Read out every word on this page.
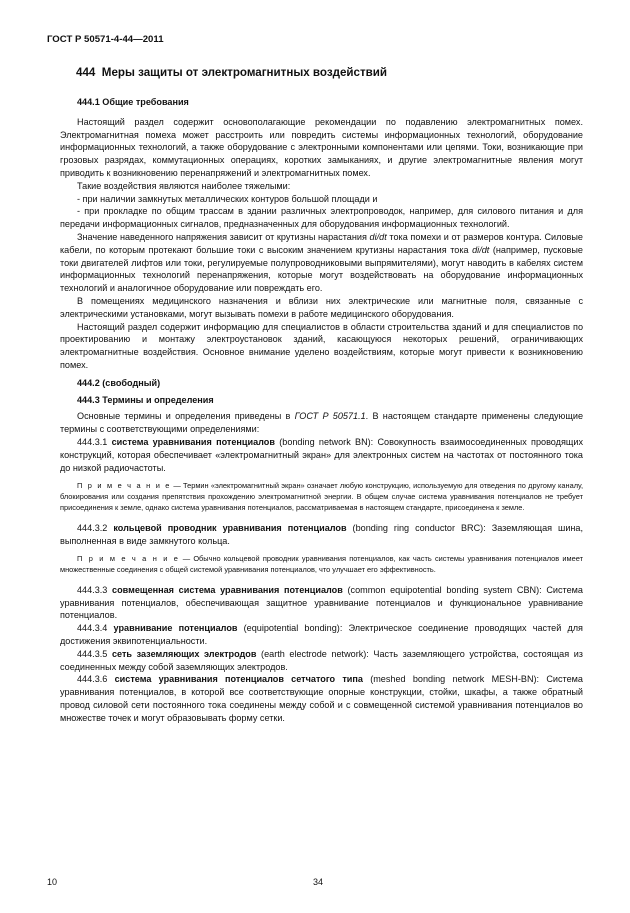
ГОСТ Р 50571-4-44—2011
444 Меры защиты от электромагнитных воздействий

444.1 Общие требования

Настоящий раздел содержит основополагающие рекомендации по подавлению электромагнитных помех. Электромагнитная помеха может расстроить или повредить системы информационных технологий, оборудование информационных технологий, а также оборудование с электронными компонентами или цепями. Токи, возникающие при грозовых разрядах, коммутационных операциях, коротких замыканиях, и другие электромагнитные явления могут приводить к возникновению перенапряжений и электромагнитных помех.

Такие воздействия являются наиболее тяжелыми:

- при наличии замкнутых металлических контуров большой площади и

- при прокладке по общим трассам в здании различных электропроводок, например, для силового питания и для передачи информационных сигналов, предназначенных для оборудования информационных технологий.

Значение наведенного напряжения зависит от крутизны нарастания di/dt тока помехи и от размеров контура. Силовые кабели, по которым протекают большие токи с высоким значением крутизны нарастания тока di/dt (например, пусковые токи двигателей лифтов или токи, регулируемые полупроводниковыми выпрямителями), могут наводить в кабелях систем информационных технологий перенапряжения, которые могут воздействовать на оборудование информационных технологий и аналогичное оборудование или повреждать его.

В помещениях медицинского назначения и вблизи них электрические или магнитные поля, связанные с электрическими установками, могут вызывать помехи в работе медицинского оборудования.

Настоящий раздел содержит информацию для специалистов в области строительства зданий и для специалистов по проектированию и монтажу электроустановок зданий, касающуюся некоторых решений, ограничивающих электромагнитные воздействия. Основное внимание уделено воздействиям, которые могут привести к возникновению помех.

444.2 (свободный)

444.3 Термины и определения

Основные термины и определения приведены в ГОСТ Р 50571.1. В настоящем стандарте применены следующие термины с соответствующими определениями:

444.3.1 система уравнивания потенциалов (bonding network BN): Совокупность взаимосоединенных проводящих конструкций, которая обеспечивает «электромагнитный экран» для электронных систем на частотах от постоянного тока до низкой радиочастоты.

П р и м е ч а н и е — Термин «электромагнитный экран» означает любую конструкцию, используемую для отведения по другому каналу, блокирования или создания препятствия прохождению электромагнитной энергии. В общем случае система уравнивания потенциалов не требует присоединения к земле, однако система уравнивания потенциалов, рассматриваемая в настоящем стандарте, присоединена к земле.

444.3.2 кольцевой проводник уравнивания потенциалов (bonding ring conductor BRC): Заземляющая шина, выполненная в виде замкнутого кольца.

П р и м е ч а н и е — Обычно кольцевой проводник уравнивания потенциалов, как часть системы уравнивания потенциалов имеет множественные соединения с общей системой уравнивания потенциалов, что улучшает его эффективность.

444.3.3 совмещенная система уравнивания потенциалов (common equipotential bonding system CBN): Система уравнивания потенциалов, обеспечивающая защитное уравнивание потенциалов и функциональное уравнивание потенциалов.

444.3.4 уравнивание потенциалов (equipotential bonding): Электрическое соединение проводящих частей для достижения эквипотенциальности.

444.3.5 сеть заземляющих электродов (earth electrode network): Часть заземляющего устройства, состоящая из соединенных между собой заземляющих электродов.

444.3.6 система уравнивания потенциалов сетчатого типа (meshed bonding network MESH-BN): Система уравнивания потенциалов, в которой все соответствующие опорные конструкции, стойки, шкафы, а также обратный провод силовой сети постоянного тока соединены между собой и с совмещенной системой уравнивания потенциалов во множестве точек и могут образовывать форму сетки.

10	34
